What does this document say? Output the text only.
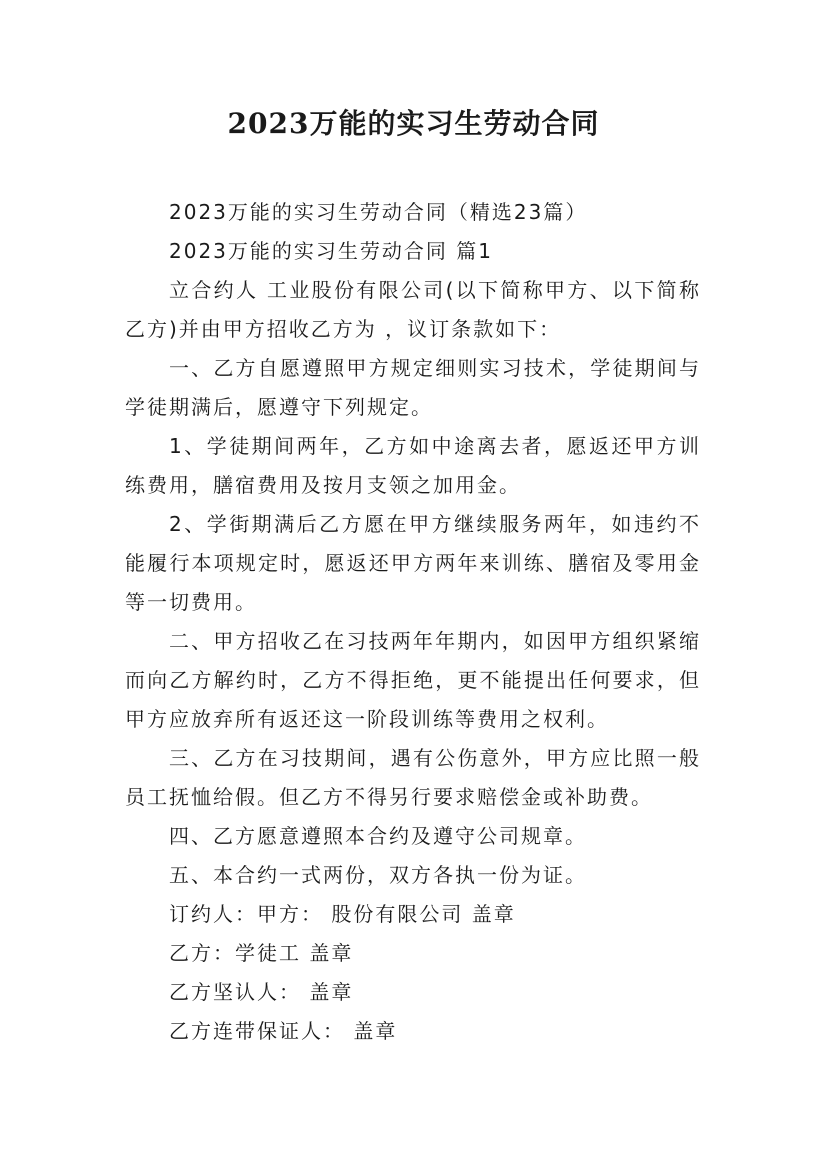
2023万能的实习生劳动合同

2023万能的实习生劳动合同（精选23篇）

2023万能的实习生劳动合同 篇1

立合约人 工业股份有限公司(以下简称甲方、以下简称乙方)并由甲方招收乙方为 ，议订条款如下：

一、乙方自愿遵照甲方规定细则实习技术，学徒期间与学徒期满后，愿遵守下列规定。

1、学徒期间两年，乙方如中途离去者，愿返还甲方训练费用，膳宿费用及按月支领之加用金。

2、学街期满后乙方愿在甲方继续服务两年，如违约不能履行本项规定时，愿返还甲方两年来训练、膳宿及零用金等一切费用。

二、甲方招收乙在习技两年年期内，如因甲方组织紧缩而向乙方解约时，乙方不得拒绝，更不能提出任何要求，但甲方应放弃所有返还这一阶段训练等费用之权利。

三、乙方在习技期间，遇有公伤意外，甲方应比照一般员工抚恤给假。但乙方不得另行要求赔偿金或补助费。

四、乙方愿意遵照本合约及遵守公司规章。

五、本合约一式两份，双方各执一份为证。

订约人：甲方： 股份有限公司 盖章

乙方：学徒工 盖章

乙方坚认人： 盖章

乙方连带保证人： 盖章
